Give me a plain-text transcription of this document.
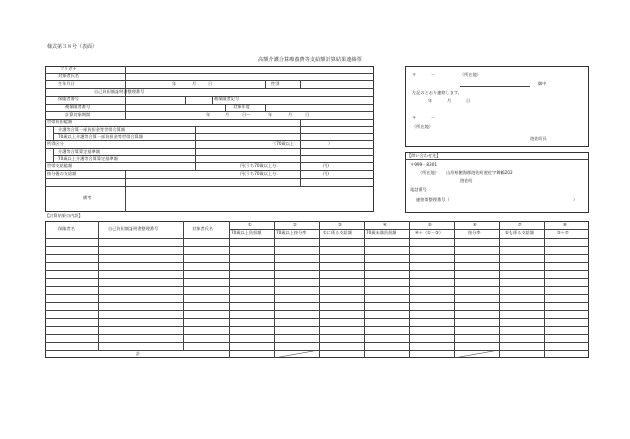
様式第３８号（表面）
高額介護合算療養費等支給額計算結果連絡票
フリガナ
対象者氏名
生年月日	年	月	日	性別
自己負担額証明書整理番号
保険者番号	被保険者記号
被保険者番号	対象年度
計算対象期間	年	月	日～	年	月	日
世帯負担総額
介護等合算一部負担金等世帯合算額
70歳以上介護等合算一部負担金等世帯合算額
所得区分	（70歳以上：	）
介護等合算算定基準額
70歳以上介護等合算算定基準額
世帯支給総額	円(うち70歳以上分：	円)
按分後の支給額	円(うち70歳以上分：	円)
備考
〒	－	（所在地）
御中
左記のとおり連絡します。
年	月	日
〒	－
（所在地）
遊佐町長
【問い合わせ先】
〒999－8301
（所在地） 山形県飽海郡遊佐町遊佐字舞鶴202
遊佐町
電話番号
連絡票整理番号（	）
【計算結果の内訳】
保険者名	自己負担額証明書整理番号	対象者氏名
①	②	③	④	⑤	⑥	⑦	⑧
70歳以上負担額	70歳以上按分率	①に係る支給額	70歳未満負担額	④＋（①－③）	按分率	⑤も係る支給額	③＋⑦
計
